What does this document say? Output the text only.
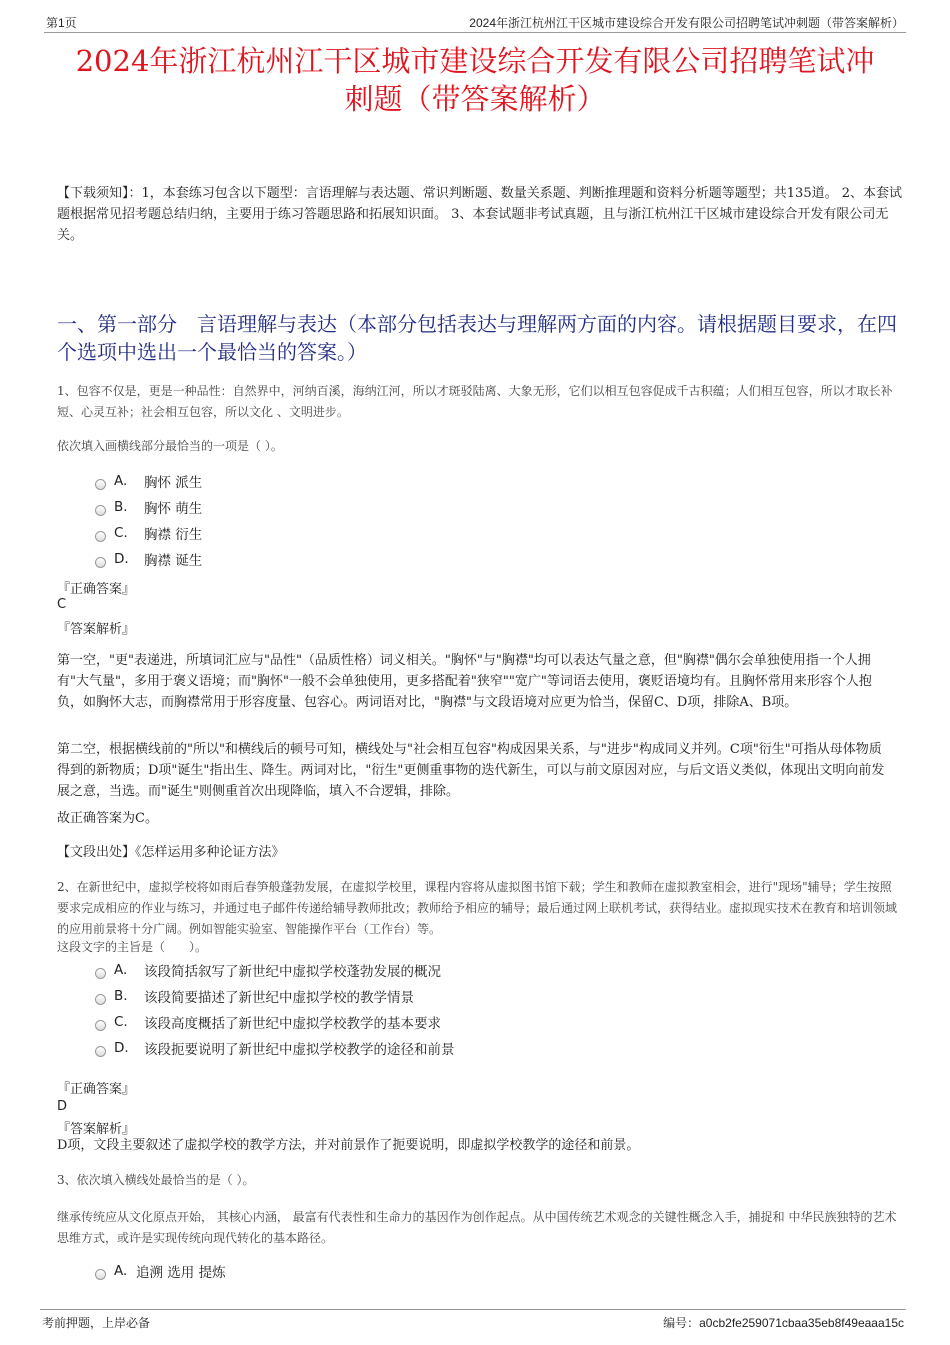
第1页	2024年浙江杭州江干区城市建设综合开发有限公司招聘笔试冲刺题（带答案解析）
2024年浙江杭州江干区城市建设综合开发有限公司招聘笔试冲
刺题（带答案解析）
【下载须知】：1，本套练习包含以下题型：言语理解与表达题、常识判断题、数量关系题、判断推理题和资料分析题等题型；共135道。 2、本套试题根据常见招考题总结归纳，主要用于练习答题思路和拓展知识面。 3、本套试题非考试真题，且与浙江杭州江干区城市建设综合开发有限公司无关。
一、第一部分　言语理解与表达（本部分包括表达与理解两方面的内容。请根据题目要求，在四个选项中选出一个最恰当的答案。）
1、包容不仅是，更是一种品性：自然界中，河纳百溪，海纳江河，所以才斑驳陆离、大象无形，它们以相互包容促成千古积蕴；人们相互包容，所以才取长补短、心灵互补；社会相互包容，所以文化 、文明进步。
依次填入画横线部分最恰当的一项是（ ）。
A.	胸怀 派生
B.	胸怀 萌生
C.	胸襟 衍生
D.	胸襟 诞生
『正确答案』
C
『答案解析』
第一空，"更"表递进，所填词汇应与"品性"（品质性格）词义相关。"胸怀"与"胸襟"均可以表达气量之意，但"胸襟"偶尔会单独使用指一个人拥有"大气量"，多用于褒义语境；而"胸怀"一般不会单独使用，更多搭配着"狭窄""宽广"等词语去使用，褒贬语境均有。且胸怀常用来形容个人抱负，如胸怀大志，而胸襟常用于形容度量、包容心。两词语对比，"胸襟"与文段语境对应更为恰当，保留C、D项，排除A、B项。
第二空，根据横线前的"所以"和横线后的顿号可知，横线处与"社会相互包容"构成因果关系，与"进步"构成同义并列。C项"衍生"可指从母体物质得到的新物质；D项"诞生"指出生、降生。两词对比，"衍生"更侧重事物的迭代新生，可以与前文原因对应，与后文语义类似，体现出文明向前发展之意，当选。而"诞生"则侧重首次出现降临，填入不合逻辑，排除。
故正确答案为C。
【文段出处】《怎样运用多种论证方法》
2、在新世纪中，虚拟学校将如雨后春笋般蓬勃发展，在虚拟学校里，课程内容将从虚拟图书馆下载；学生和教师在虚拟教室相会，进行"现场"辅导；学生按照要求完成相应的作业与练习，并通过电子邮件传递给辅导教师批改；教师给予相应的辅导；最后通过网上联机考试，获得结业。虚拟现实技术在教育和培训领域的应用前景将十分广阔。例如智能实验室、智能操作平台（工作台）等。
这段文字的主旨是（　　）。
A.	该段简括叙写了新世纪中虚拟学校蓬勃发展的概况
B.	该段简要描述了新世纪中虚拟学校的教学情景
C.	该段高度概括了新世纪中虚拟学校教学的基本要求
D.	该段扼要说明了新世纪中虚拟学校教学的途径和前景
『正确答案』
D
『答案解析』
D项，文段主要叙述了虚拟学校的教学方法，并对前景作了扼要说明，即虚拟学校教学的途径和前景。
3、依次填入横线处最恰当的是（ ）。
继承传统应从文化原点开始， 其核心内涵， 最富有代表性和生命力的基因作为创作起点。从中国传统艺术观念的关键性概念入手，捕捉和 中华民族独特的艺术思维方式，或许是实现传统向现代转化的基本路径。
A. 追溯 选用 提炼
考前押题，上岸必备	编号：a0cb2fe259071cbaa35eb8f49eaaa15c
